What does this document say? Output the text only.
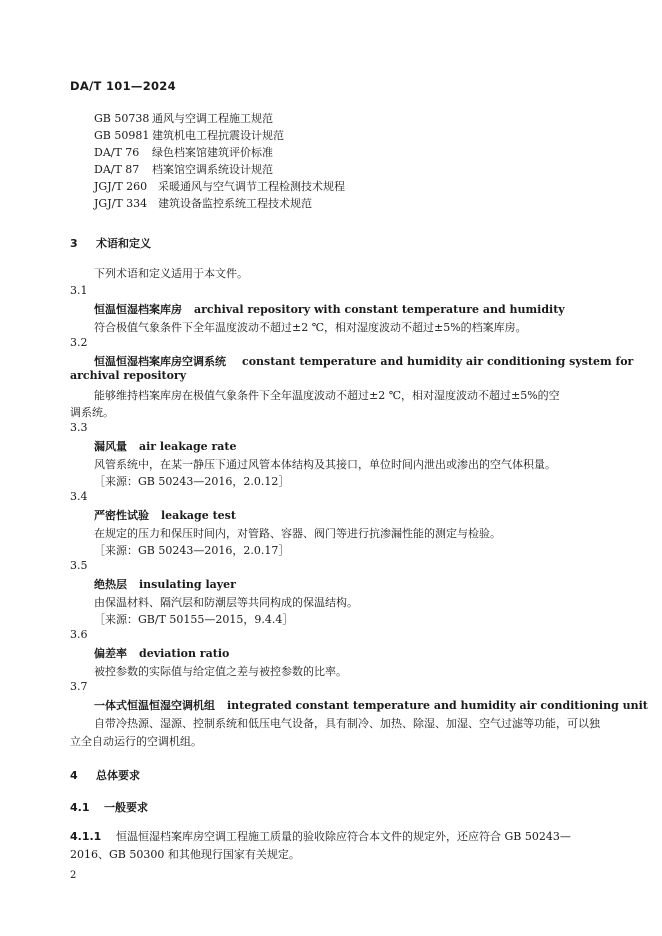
DA/T 101—2024
GB 50738 通风与空调工程施工规范
GB 50981 建筑机电工程抗震设计规范
DA/T 76 绿色档案馆建筑评价标准
DA/T 87 档案馆空调系统设计规范
JGJ/T 260 采暖通风与空气调节工程检测技术规程
JGJ/T 334 建筑设备监控系统工程技术规范
3 术语和定义
下列术语和定义适用于本文件。
3.1
恒温恒湿档案库房 archival repository with constant temperature and humidity
符合极值气象条件下全年温度波动不超过±2 ℃，相对湿度波动不超过±5%的档案库房。
3.2
恒温恒湿档案库房空调系统 constant temperature and humidity air conditioning system for
archival repository
能够维持档案库房在极值气象条件下全年温度波动不超过±2 ℃，相对湿度波动不超过±5%的空
调系统。
3.3
漏风量 air leakage rate
风管系统中，在某一静压下通过风管本体结构及其接口，单位时间内泄出或渗出的空气体积量。
［来源：GB 50243—2016，2.0.12］
3.4
严密性试验 leakage test
在规定的压力和保压时间内，对管路、容器、阀门等进行抗渗漏性能的测定与检验。
［来源：GB 50243—2016，2.0.17］
3.5
绝热层 insulating layer
由保温材料、隔汽层和防潮层等共同构成的保温结构。
［来源：GB/T 50155—2015，9.4.4］
3.6
偏差率 deviation ratio
被控参数的实际值与给定值之差与被控参数的比率。
3.7
一体式恒温恒湿空调机组 integrated constant temperature and humidity air conditioning unit
自带冷热源、湿源、控制系统和低压电气设备，具有制冷、加热、除湿、加湿、空气过滤等功能，可以独
立全自动运行的空调机组。
4 总体要求
4.1 一般要求
4.1.1 恒温恒湿档案库房空调工程施工质量的验收除应符合本文件的规定外，还应符合 GB 50243—
2016、GB 50300 和其他现行国家有关规定。
2
